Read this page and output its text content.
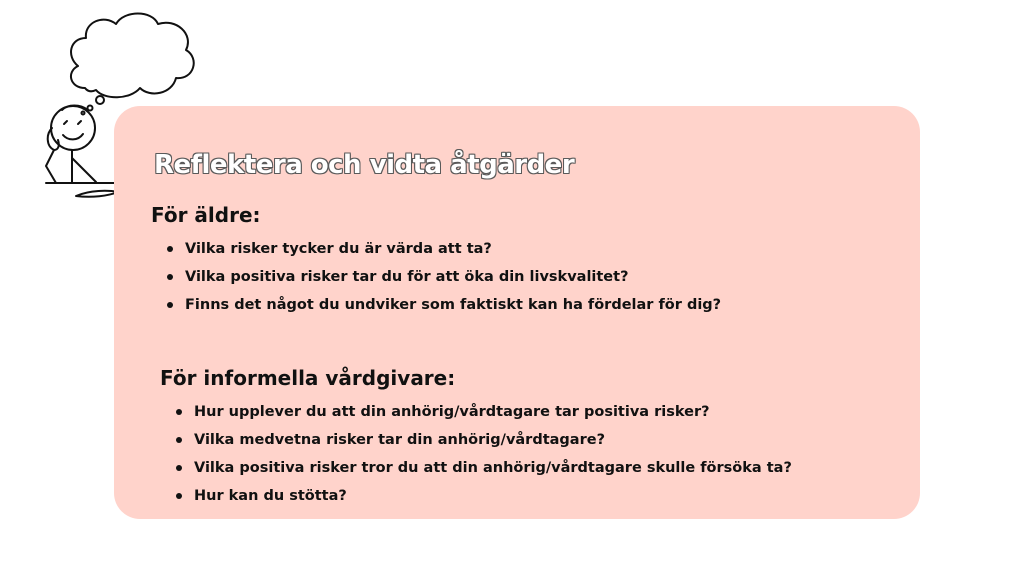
Reflektera och vidta åtgärder
För äldre:
Vilka risker tycker du är värda att ta?
Vilka positiva risker tar du för att öka din livskvalitet?
Finns det något du undviker som faktiskt kan ha fördelar för dig?
För informella vårdgivare:
Hur upplever du att din anhörig/vårdtagare tar positiva risker?
Vilka medvetna risker tar din anhörig/vårdtagare?
Vilka positiva risker tror du att din anhörig/vårdtagare skulle försöka ta?
Hur kan du stötta?
